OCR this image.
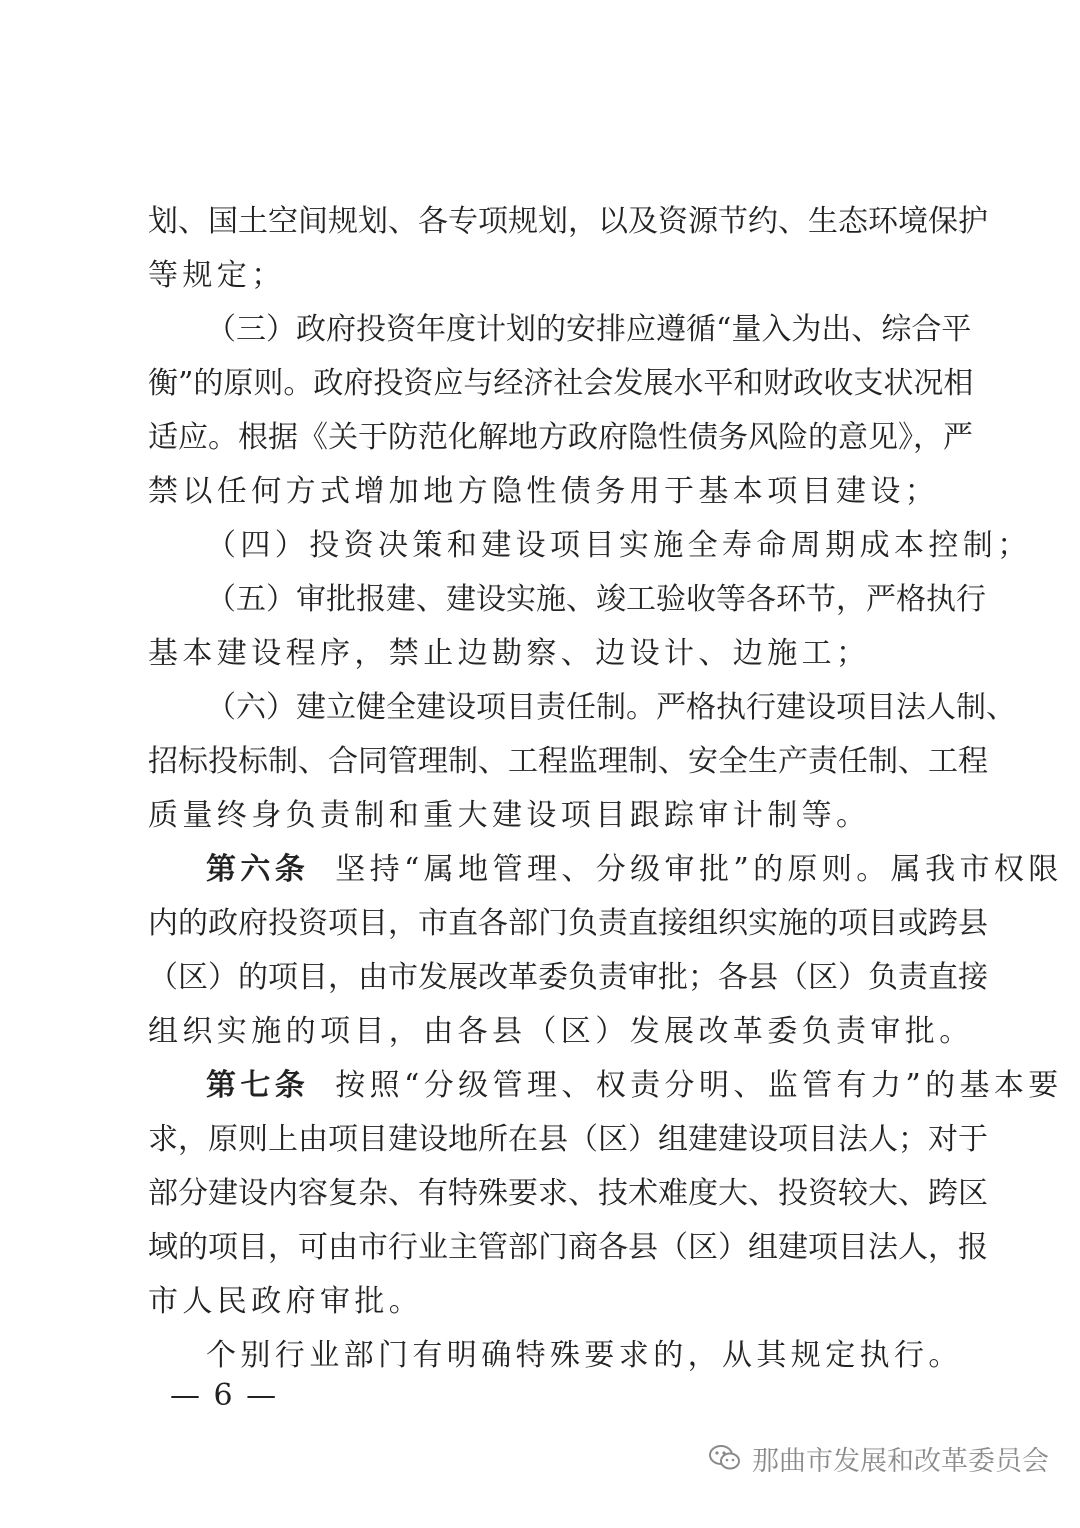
划、国土空间规划、各专项规划，以及资源节约、生态环境保护
等规定；
（三）政府投资年度计划的安排应遵循“量入为出、综合平
衡”的原则。政府投资应与经济社会发展水平和财政收支状况相
适应。根据《关于防范化解地方政府隐性债务风险的意见》，严
禁以任何方式增加地方隐性债务用于基本项目建设；
（四）投资决策和建设项目实施全寿命周期成本控制；
（五）审批报建、建设实施、竣工验收等各环节，严格执行
基本建设程序，禁止边勘察、边设计、边施工；
（六）建立健全建设项目责任制。严格执行建设项目法人制、
招标投标制、合同管理制、工程监理制、安全生产责任制、工程
质量终身负责制和重大建设项目跟踪审计制等。
第六条 坚持“属地管理、分级审批”的原则。属我市权限
内的政府投资项目，市直各部门负责直接组织实施的项目或跨县
（区）的项目，由市发展改革委负责审批；各县（区）负责直接
组织实施的项目，由各县（区）发展改革委负责审批。
第七条 按照“分级管理、权责分明、监管有力”的基本要
求，原则上由项目建设地所在县（区）组建建设项目法人；对于
部分建设内容复杂、有特殊要求、技术难度大、投资较大、跨区
域的项目，可由市行业主管部门商各县（区）组建项目法人，报
市人民政府审批。
个别行业部门有明确特殊要求的，从其规定执行。
— 6 —
那曲市发展和改革委员会
